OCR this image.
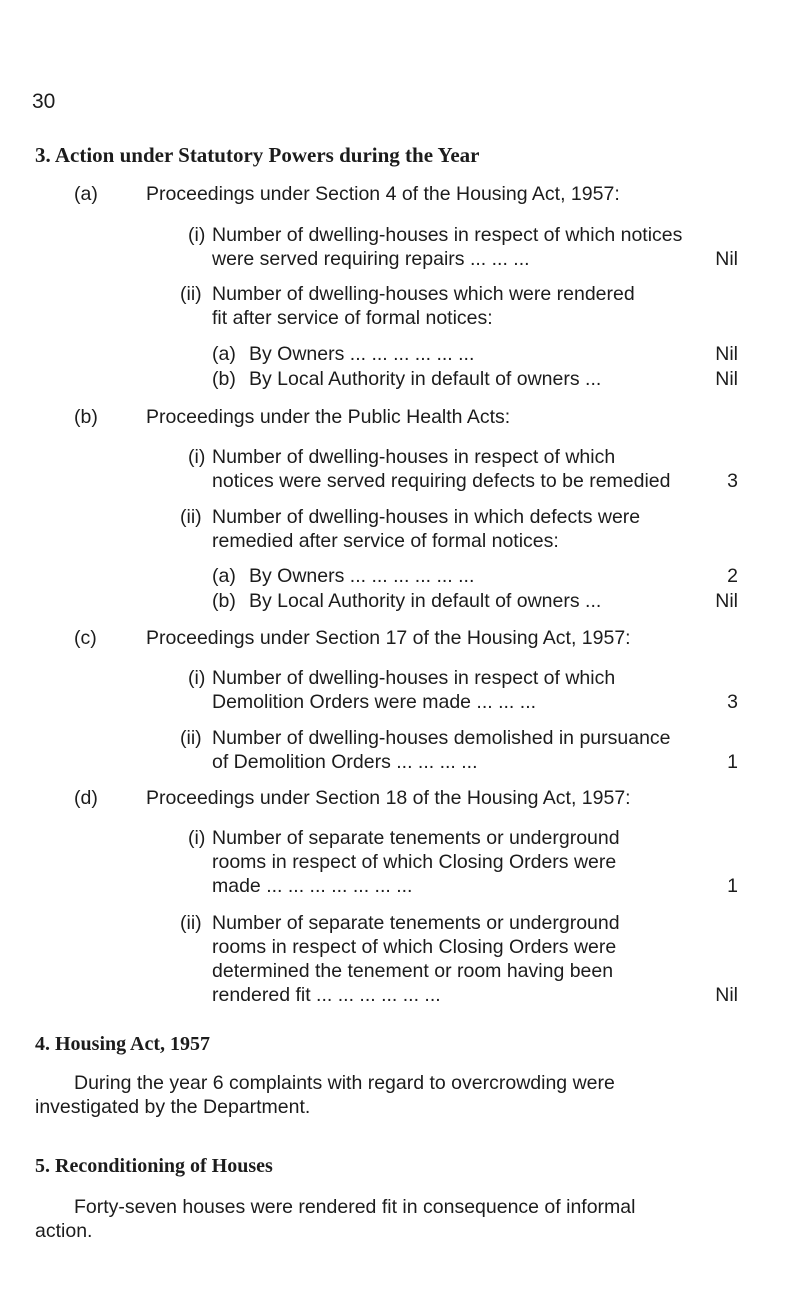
30
3. Action under Statutory Powers during the Year
(a) Proceedings under Section 4 of the Housing Act, 1957:
(i) Number of dwelling-houses in respect of which notices
were served requiring repairs ... ... ...	Nil
(ii) Number of dwelling-houses which were rendered
fit after service of formal notices:
(a) By Owners ... ... ... ... ... ...	Nil
(b) By Local Authority in default of owners ...	Nil
(b) Proceedings under the Public Health Acts:
(i) Number of dwelling-houses in respect of which
notices were served requiring defects to be remedied	3
(ii) Number of dwelling-houses in which defects were
remedied after service of formal notices:
(a) By Owners ... ... ... ... ... ...	2
(b) By Local Authority in default of owners ...	Nil
(c)	Proceedings under Section 17 of the Housing Act, 1957:
(i) Number of dwelling-houses in respect of which
Demolition Orders were made ... ... ...	3
(ii) Number of dwelling-houses demolished in pursuance
of Demolition Orders ... ... ... ...	1
(d) Proceedings under Section 18 of the Housing Act, 1957:
(i) Number of separate tenements or underground
rooms in respect of which Closing Orders were
made ... ... ... ... ... ... ...	1
(ii) Number of separate tenements or underground
rooms in respect of which Closing Orders were
determined the tenement or room having been
rendered fit ... ... ... ... ... ...	Nil
4. Housing Act, 1957
During the year 6 complaints with regard to overcrowding were
investigated by the Department.
5. Reconditioning of Houses
Forty-seven houses were rendered fit in consequence of informal
action.
